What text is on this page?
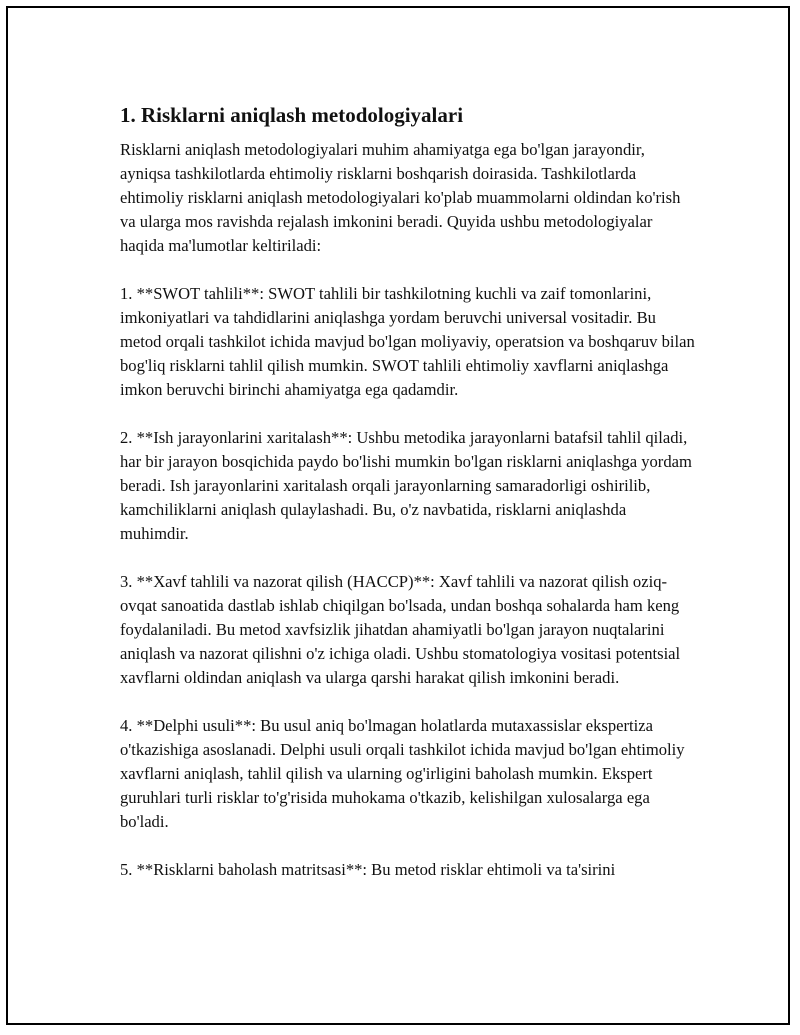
1. Risklarni aniqlash metodologiyalari

Risklarni aniqlash metodologiyalari muhim ahamiyatga ega bo'lgan jarayondir, ayniqsa tashkilotlarda ehtimoliy risklarni boshqarish doirasida. Tashkilotlarda ehtimoliy risklarni aniqlash metodologiyalari ko'plab muammolarni oldindan ko'rish va ularga mos ravishda rejalash imkonini beradi. Quyida ushbu metodologiyalar haqida ma'lumotlar keltiriladi:

1. **SWOT tahlili**: SWOT tahlili bir tashkilotning kuchli va zaif tomonlarini, imkoniyatlari va tahdidlarini aniqlashga yordam beruvchi universal vositadir. Bu metod orqali tashkilot ichida mavjud bo'lgan moliyaviy, operatsion va boshqaruv bilan bog'liq risklarni tahlil qilish mumkin. SWOT tahlili ehtimoliy xavflarni aniqlashga imkon beruvchi birinchi ahamiyatga ega qadamdir.

2. **Ish jarayonlarini xaritalash**: Ushbu metodika jarayonlarni batafsil tahlil qiladi, har bir jarayon bosqichida paydo bo'lishi mumkin bo'lgan risklarni aniqlashga yordam beradi. Ish jarayonlarini xaritalash orqali jarayonlarning samaradorligi oshirilib, kamchiliklarni aniqlash qulaylashadi. Bu, o'z navbatida, risklarni aniqlashda muhimdir.

3. **Xavf tahlili va nazorat qilish (HACCP)**: Xavf tahlili va nazorat qilish oziq-ovqat sanoatida dastlab ishlab chiqilgan bo'lsada, undan boshqa sohalarda ham keng foydalaniladi. Bu metod xavfsizlik jihatdan ahamiyatli bo'lgan jarayon nuqtalarini aniqlash va nazorat qilishni o'z ichiga oladi. Ushbu stomatologiya vositasi potentsial xavflarni oldindan aniqlash va ularga qarshi harakat qilish imkonini beradi.

4. **Delphi usuli**: Bu usul aniq bo'lmagan holatlarda mutaxassislar ekspertiza o'tkazishiga asoslanadi. Delphi usuli orqali tashkilot ichida mavjud bo'lgan ehtimoliy xavflarni aniqlash, tahlil qilish va ularning og'irligini baholash mumkin. Ekspert guruhlari turli risklar to'g'risida muhokama o'tkazib, kelishilgan xulosalarga ega bo'ladi.

5. **Risklarni baholash matritsasi**: Bu metod risklar ehtimoli va ta'sirini
